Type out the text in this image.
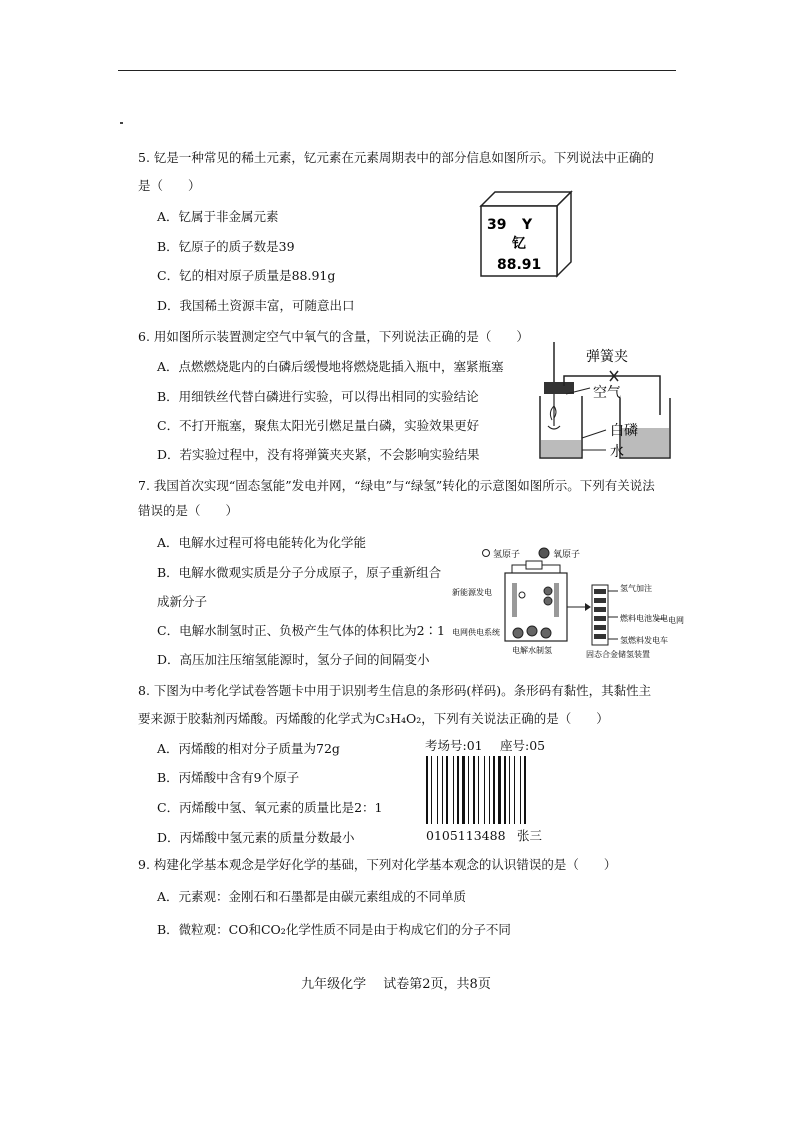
5. 钇是一种常见的稀土元素，钇元素在元素周期表中的部分信息如图所示。下列说法中正确的
是（　　）
A．钇属于非金属元素
B．钇原子的质子数是39
C．钇的相对原子质量是88.91g
D．我国稀土资源丰富，可随意出口
39 Y
钇
88.91
6. 用如图所示装置测定空气中氧气的含量，下列说法正确的是（　　）
A．点燃燃烧匙内的白磷后缓慢地将燃烧匙插入瓶中，塞紧瓶塞
B．用细铁丝代替白磷进行实验，可以得出相同的实验结论
C．不打开瓶塞，聚焦太阳光引燃足量白磷，实验效果更好
D．若实验过程中，没有将弹簧夹夹紧，不会影响实验结果
弹簧夹
空气
白磷
水
7. 我国首次实现“固态氢能”发电并网，“绿电”与“绿氢”转化的示意图如图所示。下列有关说法
错误的是（　　）
A．电解水过程可将电能转化为化学能
B．电解水微观实质是分子分成原子，原子重新组合
成新分子
C．电解水制氢时正、负极产生气体的体积比为2∶1
D．高压加注压缩氢能源时，氢分子间的间隔变小
氢原子	氧原子
新能源发电
电网供电系统
电解水制氢	固态合金储氢装置
氢气加注
燃料电池发电
氢燃料发电车
电网
8. 下图为中考化学试卷答题卡中用于识别考生信息的条形码(样码)。条形码有黏性，其黏性主
要来源于胶黏剂丙烯酸。丙烯酸的化学式为C₃H₄O₂，下列有关说法正确的是（　　）
A．丙烯酸的相对分子质量为72g
B．丙烯酸中含有9个原子
C．丙烯酸中氢、氧元素的质量比是2：1
D．丙烯酸中氢元素的质量分数最小
考场号:01 座号:05
0105113488 张三
9. 构建化学基本观念是学好化学的基础，下列对化学基本观念的认识错误的是（　　）
A．元素观：金刚石和石墨都是由碳元素组成的不同单质
B．微粒观：CO和CO₂化学性质不同是由于构成它们的分子不同
九年级化学　 试卷第2页，共8页
